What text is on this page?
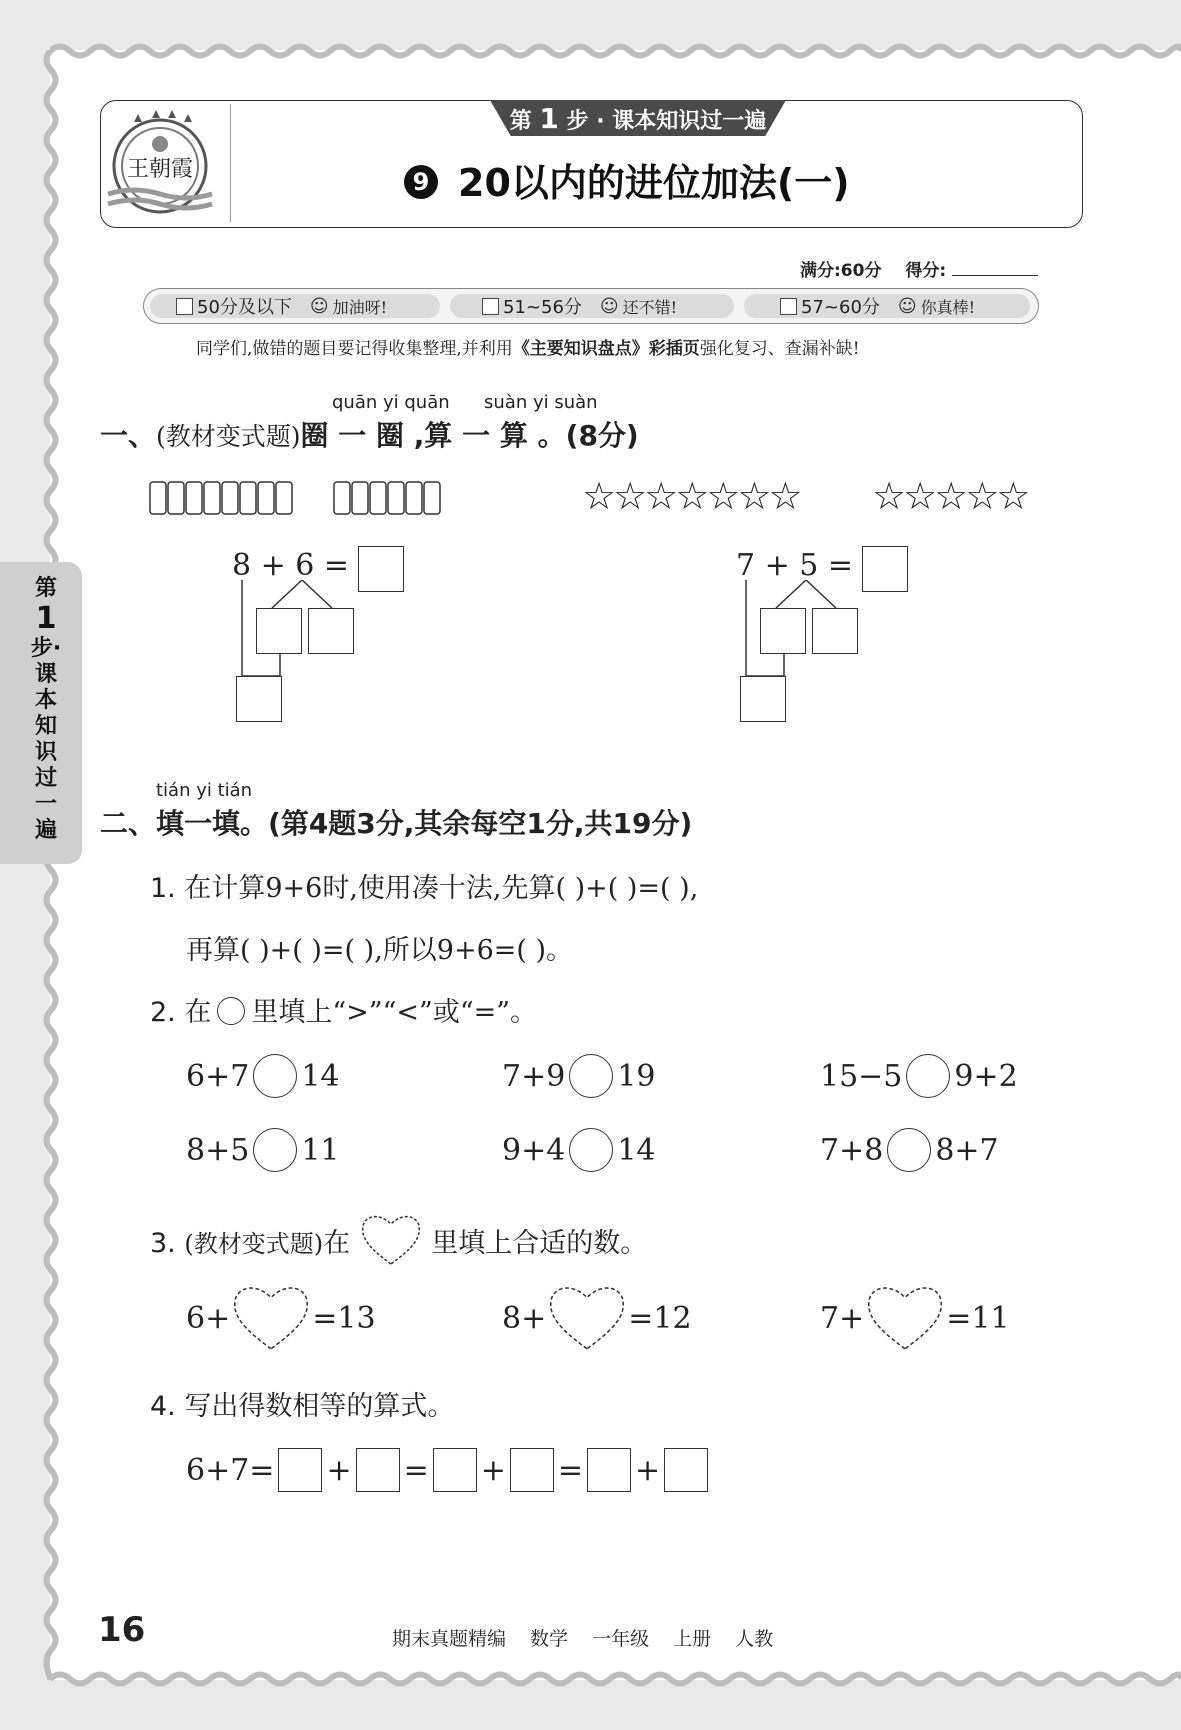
第
1
步·课本知识过一遍
王朝霞
第 1 步 · 课本知识过一遍
9 20以内的进位加法(一)
满分:60分 得分:
50分及以下 ☺ 加油呀!	51~56分 ☺ 还不错!	57~60分 ☺ 你真棒!
同学们,做错的题目要记得收集整理,并利用《主要知识盘点》彩插页强化复习、查漏补缺!
quān yi quān suàn yi suàn
一、(教材变式题)圈 一 圈 ,算 一 算 。(8分)
☆☆☆☆☆☆☆ ☆☆☆☆☆
8 + 6 =	7 + 5 =
tián yi tián
二、填一填。(第4题3分,其余每空1分,共19分)
1. 在计算9+6时,使用凑十法,先算( )+( )=( ),
再算( )+( )=( ),所以9+6=( )。
2. 在 里填上“>”“<”或“=”。
6+7 14	7+9 19	15−5 9+2
8+5 11	9+4 14	7+8 8+7
3. (教材变式题)在	里填上合适的数。
6+	=13	8+	=12	7+	=11
4. 写出得数相等的算式。
6+7= + = + = +
16	期末真题精编 数学 一年级 上册 人教
